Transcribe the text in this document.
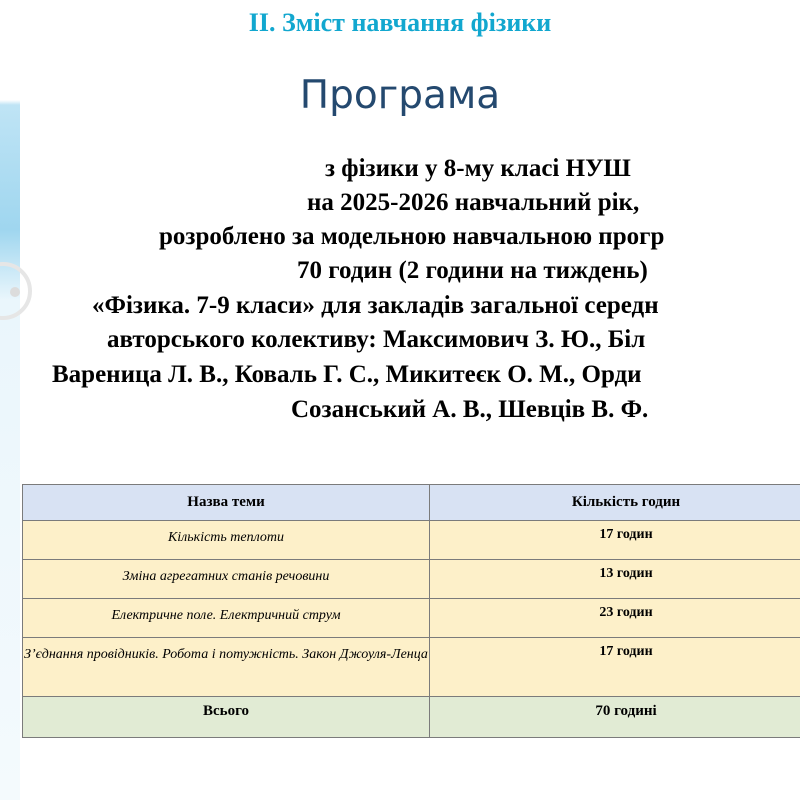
ІІ. Зміст навчання фізики
Програма
з фізики у 8-му класі НУШ
на 2025-2026 навчальний рік,
розроблено за модельною навчальною прогр
70 годин (2 години на тиждень)
«Фізика. 7-9 класи» для закладів загальної середн
авторського колективу: Максимович З. Ю., Біл
Вареница Л. В., Коваль Г. С., Микитеєк О. М., Орди
Созанський А. В., Шевців В. Ф.
Назва теми	Кількість годин
Кількість теплоти	17 годин
Зміна агрегатних станів речовини	13 годин
Електричне поле. Електричний струм	23 годин
З’єднання провідників. Робота і потужність. Закон Джоуля-Ленца	17 годин
Всього	70 годині
